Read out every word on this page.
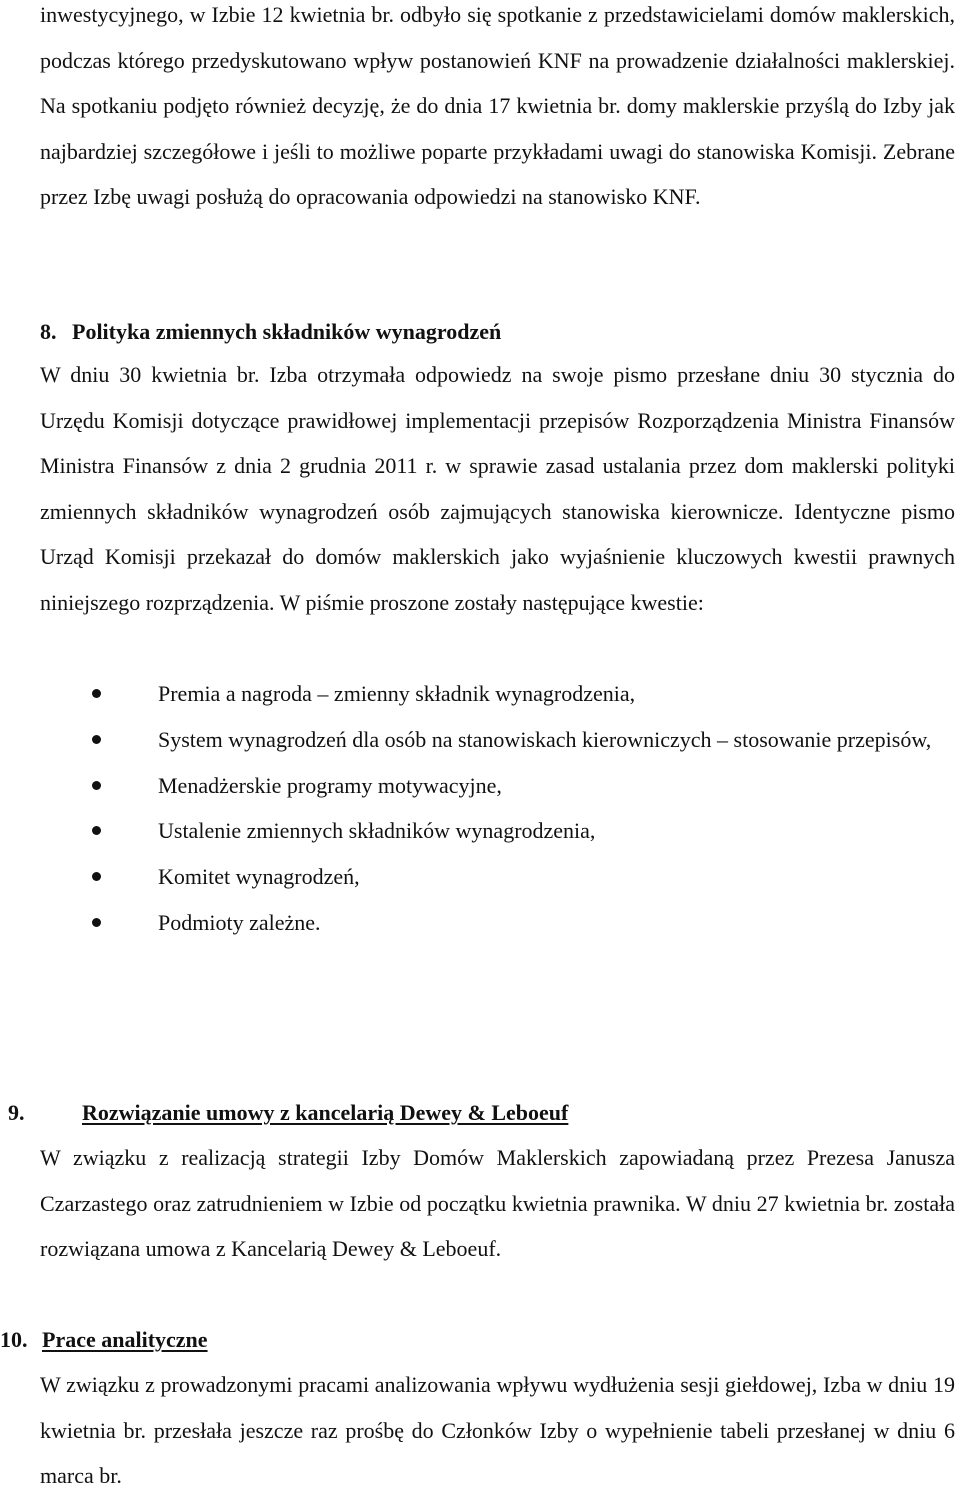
inwestycyjnego, w Izbie 12 kwietnia br. odbyło się spotkanie z przedstawicielami domów maklerskich, podczas którego przedyskutowano wpływ postanowień KNF na prowadzenie działalności maklerskiej. Na spotkaniu podjęto również decyzję, że do dnia 17 kwietnia br. domy maklerskie przyślą do Izby jak najbardziej szczegółowe i jeśli to możliwe poparte przykładami uwagi do stanowiska Komisji. Zebrane przez Izbę uwagi posłużą do opracowania odpowiedzi na stanowisko KNF.

8. Polityka zmiennych składników wynagrodzeń

W dniu 30 kwietnia br. Izba otrzymała odpowiedz na swoje pismo przesłane dniu 30 stycznia do Urzędu Komisji dotyczące prawidłowej implementacji przepisów Rozporządzenia Ministra Finansów Ministra Finansów z dnia 2 grudnia 2011 r. w sprawie zasad ustalania przez dom maklerski polityki zmiennych składników wynagrodzeń osób zajmujących stanowiska kierownicze. Identyczne pismo Urząd Komisji przekazał do domów maklerskich jako wyjaśnienie kluczowych kwestii prawnych niniejszego rozprządzenia. W piśmie proszone zostały następujące kwestie:

Premia a nagroda – zmienny składnik wynagrodzenia,
System wynagrodzeń dla osób na stanowiskach kierowniczych – stosowanie przepisów,
Menadżerskie programy motywacyjne,
Ustalenie zmiennych składników wynagrodzenia,
Komitet wynagrodzeń,
Podmioty zależne.
9.	Rozwiązanie umowy z kancelarią Dewey & Leboeuf

W związku z realizacją strategii Izby Domów Maklerskich zapowiadaną przez Prezesa Janusza Czarzastego oraz zatrudnieniem w Izbie od początku kwietnia prawnika. W dniu 27 kwietnia br. została rozwiązana umowa z Kancelarią Dewey & Leboeuf.

10. Prace analityczne

W związku z prowadzonymi pracami analizowania wpływu wydłużenia sesji giełdowej, Izba w dniu 19 kwietnia br. przesłała jeszcze raz prośbę do Członków Izby o wypełnienie tabeli przesłanej w dniu 6 marca br.
